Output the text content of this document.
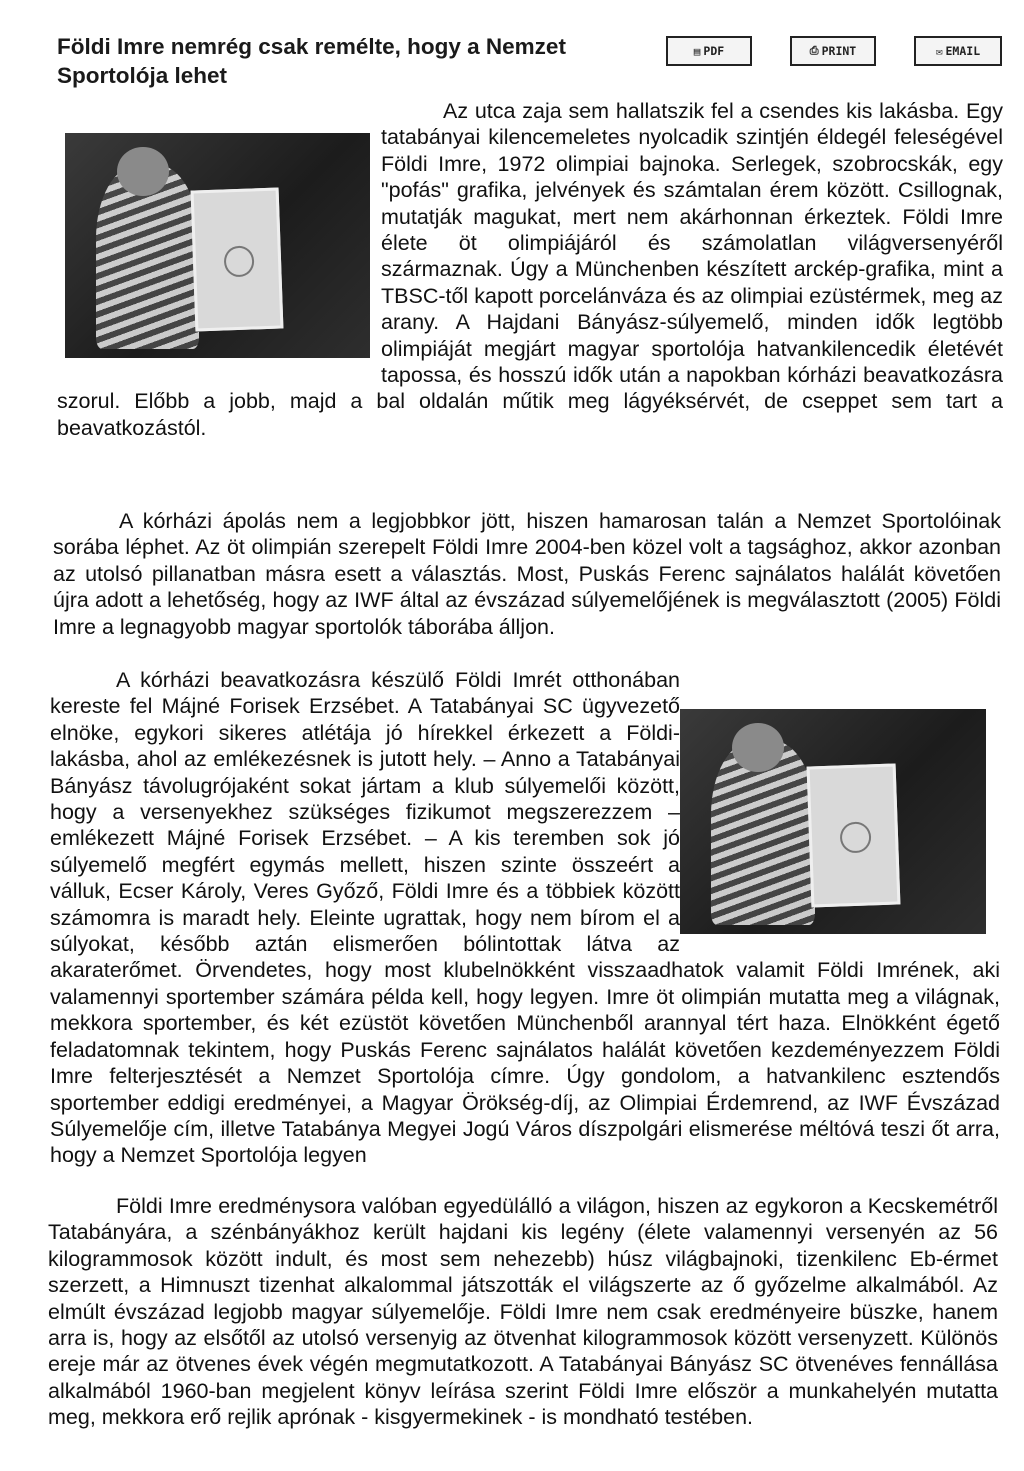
Földi Imre nemrég csak remélte, hogy a Nemzet Sportolója lehet
▤ PDF	⎙ PRINT	✉ EMAIL

Az utca zaja sem hallatszik fel a csendes kis lakásba. Egy tatabányai kilencemeletes nyolcadik szintjén éldegél feleségével Földi Imre, 1972 olimpiai bajnoka. Serlegek, szobrocskák, egy "pofás" grafika, jelvények és számtalan érem között. Csillognak, mutatják magukat, mert nem akárhonnan érkeztek. Földi Imre élete öt olimpiájáról és számolatlan világversenyéről származnak. Úgy a Münchenben készített arckép-grafika, mint a TBSC-től kapott porcelánváza és az olimpiai ezüstérmek, meg az arany. A Hajdani Bányász-súlyemelő, minden idők legtöbb olimpiáját megjárt magyar sportolója hatvankilencedik életévét tapossa, és hosszú idők után a napokban kórházi beavatkozásra szorul. Előbb a jobb, majd a bal oldalán műtik meg lágyéksérvét, de cseppet sem tart a beavatkozástól.

A kórházi ápolás nem a legjobbkor jött, hiszen hamarosan talán a Nemzet Sportolóinak sorába léphet. Az öt olimpián szerepelt Földi Imre 2004-ben közel volt a tagsághoz, akkor azonban az utolsó pillanatban másra esett a választás. Most, Puskás Ferenc sajnálatos halálát követően újra adott a lehetőség, hogy az IWF által az évszázad súlyemelőjének is megválasztott (2005) Földi Imre a legnagyobb magyar sportolók táborába álljon.

A kórházi beavatkozásra készülő Földi Imrét otthonában kereste fel Májné Forisek Erzsébet. A Tatabányai SC ügyvezető elnöke, egykori sikeres atlétája jó hírekkel érkezett a Földi-lakásba, ahol az emlékezésnek is jutott hely. – Anno a Tatabányai Bányász távolugrójaként sokat jártam a klub súlyemelői között, hogy a versenyekhez szükséges fizikumot megszerezzem – emlékezett Májné Forisek Erzsébet. – A kis teremben sok jó súlyemelő megfért egymás mellett, hiszen szinte összeért a válluk, Ecser Károly, Veres Győző, Földi Imre és a többiek között számomra is maradt hely. Eleinte ugrattak, hogy nem bírom el a súlyokat, később aztán elismerően bólintottak látva az akaraterőmet. Örvendetes, hogy most klubelnökként visszaadhatok valamit Földi Imrének, aki valamennyi sportember számára példa kell, hogy legyen. Imre öt olimpián mutatta meg a világnak, mekkora sportember, és két ezüstöt követően Münchenből arannyal tért haza. Elnökként égető feladatomnak tekintem, hogy Puskás Ferenc sajnálatos halálát követően kezdeményezzem Földi Imre felterjesztését a Nemzet Sportolója címre. Úgy gondolom, a hatvankilenc esztendős sportember eddigi eredményei, a Magyar Örökség-díj, az Olimpiai Érdemrend, az IWF Évszázad Súlyemelője cím, illetve Tatabánya Megyei Jogú Város díszpolgári elismerése méltóvá teszi őt arra, hogy a Nemzet Sportolója legyen

Földi Imre eredménysora valóban egyedülálló a világon, hiszen az egykoron a Kecskemétről Tatabányára, a szénbányákhoz került hajdani kis legény (élete valamennyi versenyén az 56 kilogrammosok között indult, és most sem nehezebb) húsz világbajnoki, tizenkilenc Eb-érmet szerzett, a Himnuszt tizenhat alkalommal játszották el világszerte az ő győzelme alkalmából. Az elmúlt évszázad legjobb magyar súlyemelője. Földi Imre nem csak eredményeire büszke, hanem arra is, hogy az elsőtől az utolsó versenyig az ötvenhat kilogrammosok között versenyzett. Különös ereje már az ötvenes évek végén megmutatkozott. A Tatabányai Bányász SC ötvenéves fennállása alkalmából 1960-ban megjelent könyv leírása szerint Földi Imre először a munkahelyén mutatta meg, mekkora erő rejlik aprónak - kisgyermekinek - is mondható testében.
